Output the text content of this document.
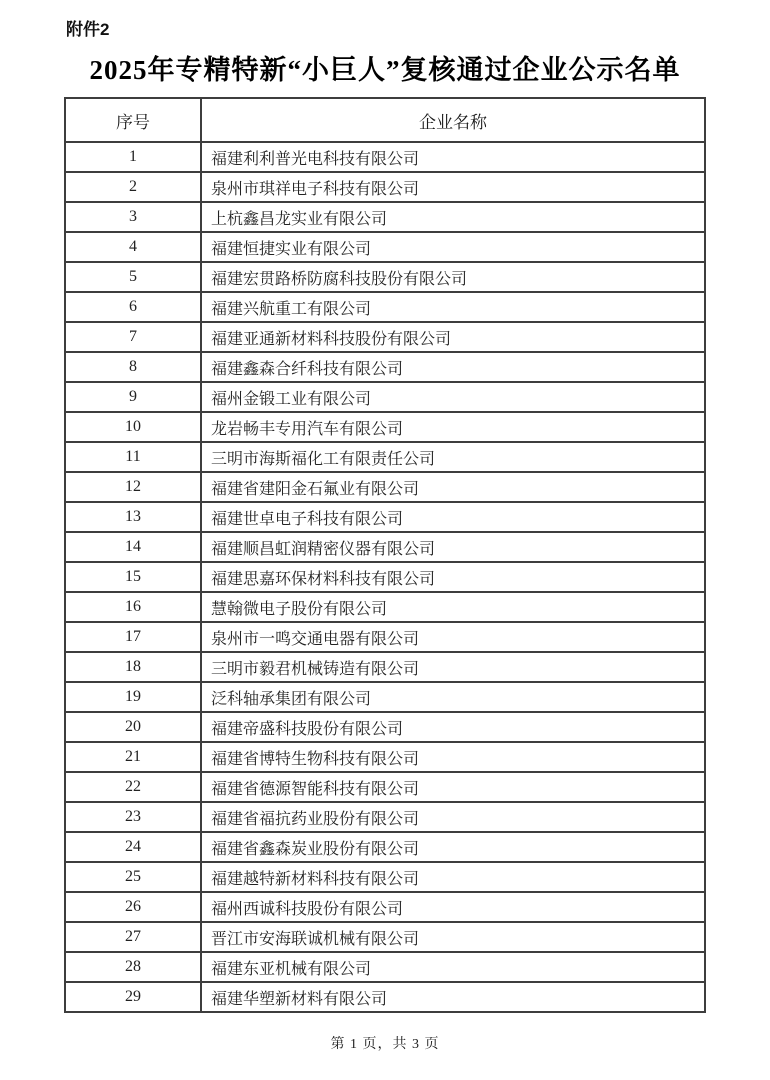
附件2
2025年专精特新“小巨人”复核通过企业公示名单
序号	企业名称
1	福建利利普光电科技有限公司
2	泉州市琪祥电子科技有限公司
3	上杭鑫昌龙实业有限公司
4	福建恒捷实业有限公司
5	福建宏贯路桥防腐科技股份有限公司
6	福建兴航重工有限公司
7	福建亚通新材料科技股份有限公司
8	福建鑫森合纤科技有限公司
9	福州金锻工业有限公司
10	龙岩畅丰专用汽车有限公司
11	三明市海斯福化工有限责任公司
12	福建省建阳金石氟业有限公司
13	福建世卓电子科技有限公司
14	福建顺昌虹润精密仪器有限公司
15	福建思嘉环保材料科技有限公司
16	慧翰微电子股份有限公司
17	泉州市一鸣交通电器有限公司
18	三明市毅君机械铸造有限公司
19	泛科轴承集团有限公司
20	福建帝盛科技股份有限公司
21	福建省博特生物科技有限公司
22	福建省德源智能科技有限公司
23	福建省福抗药业股份有限公司
24	福建省鑫森炭业股份有限公司
25	福建越特新材料科技有限公司
26	福州西诚科技股份有限公司
27	晋江市安海联诚机械有限公司
28	福建东亚机械有限公司
29	福建华塑新材料有限公司
第 1 页，共 3 页
